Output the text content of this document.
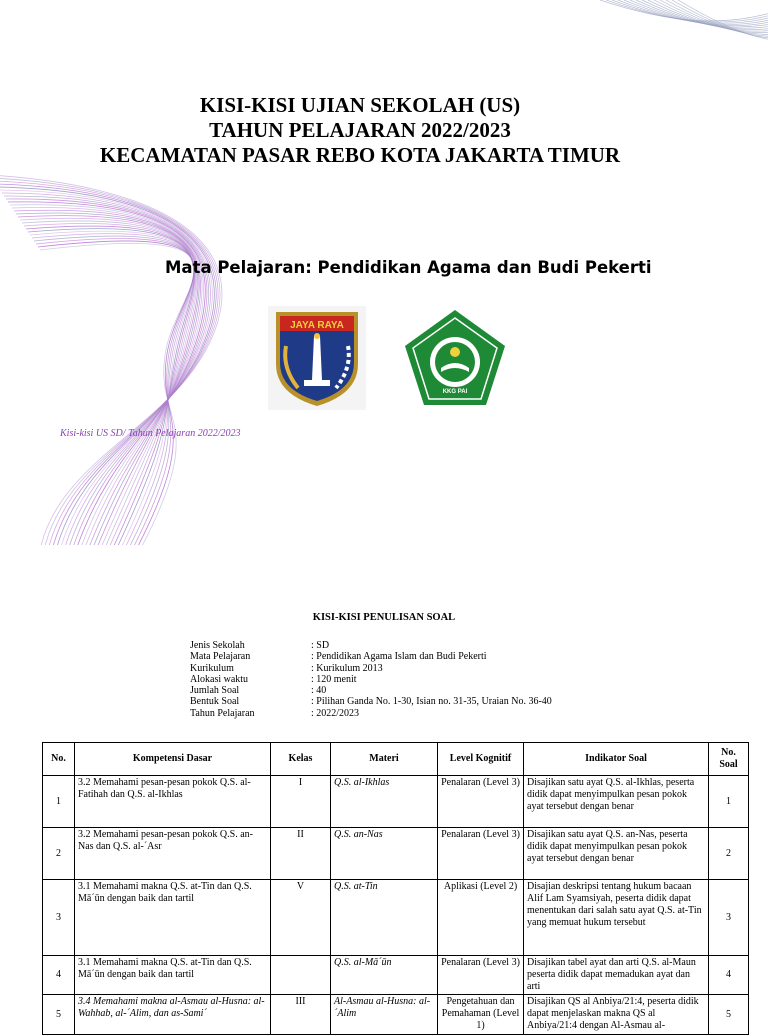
KISI-KISI UJIAN SEKOLAH (US)
TAHUN PELAJARAN 2022/2023
KECAMATAN PASAR REBO KOTA JAKARTA TIMUR
Mata Pelajaran: Pendidikan Agama dan Budi Pekerti
JAYA RAYA
KKG PAI
Kisi-kisi US SD/ Tahun Pelajaran 2022/2023
KISI-KISI PENULISAN SOAL
Jenis Sekolah	: SD
Mata Pelajaran	: Pendidikan Agama Islam dan Budi Pekerti
Kurikulum	: Kurikulum 2013
Alokasi waktu	: 120 menit
Jumlah Soal	: 40
Bentuk Soal	: Pilihan Ganda No. 1-30, Isian no. 31-35, Uraian No. 36-40
Tahun Pelajaran	: 2022/2023
No.	Kompetensi Dasar	Kelas	Materi	Level Kognitif	Indikator Soal	No. Soal
1	3.2 Memahami pesan-pesan pokok Q.S. al-Fatihah dan Q.S. al-Ikhlas	I	Q.S. al-Ikhlas	Penalaran (Level 3)	Disajikan satu ayat Q.S. al-Ikhlas, peserta didik dapat menyimpulkan pesan pokok ayat tersebut dengan benar	1
2	3.2 Memahami pesan-pesan pokok Q.S. an-Nas dan Q.S. al-´Asr	II	Q.S. an-Nas	Penalaran (Level 3)	Disajikan satu ayat Q.S. an-Nas, peserta didik dapat menyimpulkan pesan pokok ayat tersebut dengan benar	2
3	3.1 Memahami makna Q.S. at-Tin dan Q.S. Mā´ūn dengan baik dan tartil	V	Q.S. at-Tin	Aplikasi (Level 2)	Disajian deskripsi tentang hukum bacaan Alif Lam Syamsiyah, peserta didik dapat menentukan dari salah satu ayat Q.S. at-Tin yang memuat hukum tersebut	3
4	3.1 Memahami makna Q.S. at-Tin dan Q.S. Mā´ūn dengan baik dan tartil		Q.S. al-Mā´ūn	Penalaran (Level 3)	Disajikan tabel ayat dan arti Q.S. al-Maun peserta didik dapat memadukan ayat dan arti	4
5	3.4 Memahami makna al-Asmau al-Husna: al-Wahhab, al-´Alim, dan as-Sami´	III	Al-Asmau al-Husna: al-´Alim	Pengetahuan dan Pemahaman (Level 1)	Disajikan QS al Anbiya/21:4, peserta didik dapat menjelaskan makna QS al Anbiya/21:4 dengan Al-Asmau al-	5
